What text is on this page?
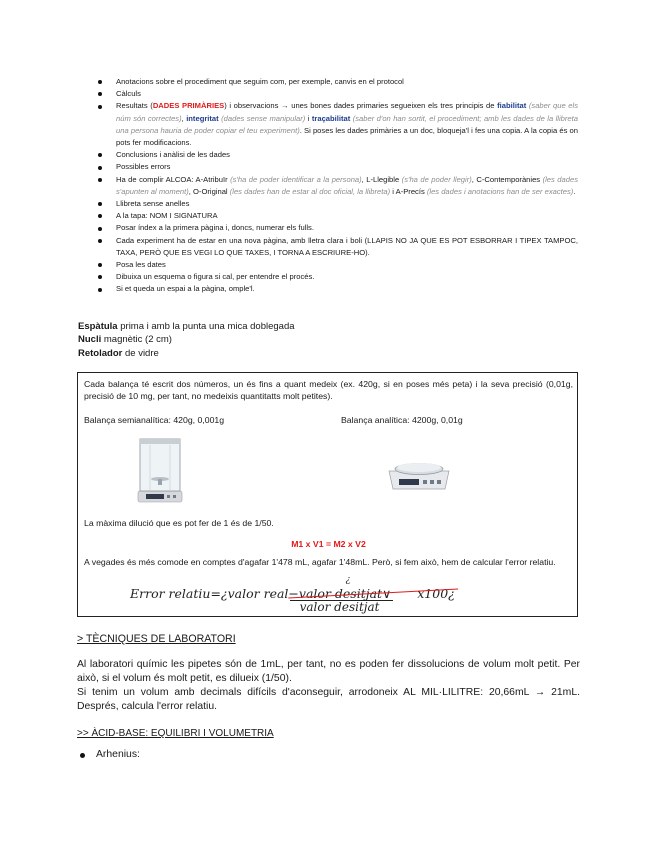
Anotacions sobre el procediment que seguim com, per exemple, canvis en el protocol
Càlculs
Resultats (DADES PRIMÀRIES) i observacions → unes bones dades primaries segueixen els tres principis de fiabilitat (saber que els núm són correctes), integritat (dades sense manipular) i traçabilitat (saber d'on han sortit, el procediment; amb les dades de la llibreta una persona hauria de poder copiar el teu experiment). Si poses les dades primàries a un doc, bloqueja'l i fes una copia. A la copia és on pots fer modificacions.
Conclusions i anàlisi de les dades
Possibles errors
Ha de complir ALCOA: A-Atribuïr (s'ha de poder identificar a la persona), L-Llegible (s'ha de poder llegir), C-Contemporànies (les dades s'apunten al moment), O-Original (les dades han de estar al doc oficial, la llibreta) i A-Precís (les dades i anotacions han de ser exactes).
Llibreta sense anelles
A la tapa: NOM I SIGNATURA
Posar índex a la primera pàgina i, doncs, numerar els fulls.
Cada experiment ha de estar en una nova pàgina, amb lletra clara i boli (LLAPIS NO JA QUE ES POT ESBORRAR I TIPEX TAMPOC, TAXA, PERÒ QUE ES VEGI LO QUE TAXES, I TORNA A ESCRIURE-HO).
Posa les dates
Dibuixa un esquema o figura si cal, per entendre el procés.
Si et queda un espai a la pàgina, omple'l.
Espàtula prima i amb la punta una mica doblegada
Nucli magnètic (2 cm)
Retolador de vidre
Cada balança té escrit dos números, un és fins a quant medeix (ex. 420g, si en poses més peta) i la seva precisió (0,01g, precisió de 10 mg, per tant, no medeixis quantitatts molt petites).
Balança semianalítica: 420g, 0,001g	Balança analítica: 4200g, 0,01g
La màxima dilució que es pot fer de 1 és de 1/50.
M1 x V1 = M2 x V2
A vegades és més comode en comptes d'agafar 1'478 mL, agafar 1'48mL. Però, si fem això, hem de calcular l'error relatiu.
Error relatiu=¿valor real−valor desitjat∨
¿
valor desitjat
x100¿
> TÈCNIQUES DE LABORATORI
Al laboratori químic les pipetes són de 1mL, per tant, no es poden fer dissolucions de volum molt petit. Per això, si el volum és molt petit, es dilueix (1/50).
Si tenim un volum amb decimals difícils d'aconseguir, arrodoneix AL MIL·LILITRE: 20,66mL → 21mL. Després, calcula l'error relatiu.
>> ÀCID-BASE: EQUILIBRI I VOLUMETRIA
Arhenius:
